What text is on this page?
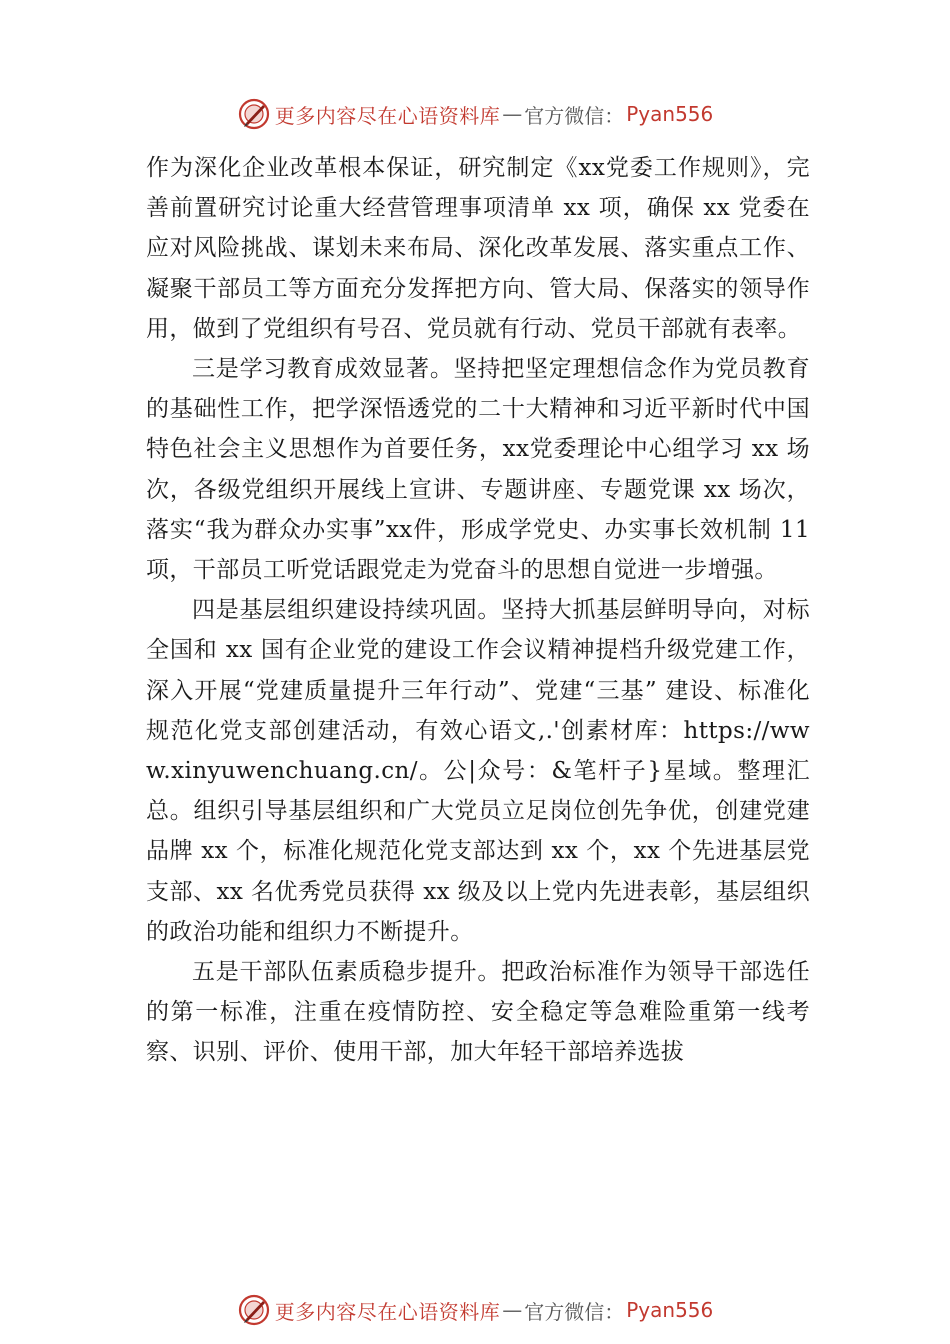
更多内容尽在心语资料库 — 官方微信： Pyan556

作为深化企业改革根本保证，研究制定《xx党委工作规则》，完善前置研究讨论重大经营管理事项清单 xx 项，确保 xx 党委在应对风险挑战、谋划未来布局、深化改革发展、落实重点工作、凝聚干部员工等方面充分发挥把方向、管大局、保落实的领导作用，做到了党组织有号召、党员就有行动、党员干部就有表率。

三是学习教育成效显著。坚持把坚定理想信念作为党员教育的基础性工作，把学深悟透党的二十大精神和习近平新时代中国特色社会主义思想作为首要任务，xx党委理论中心组学习 xx 场次，各级党组织开展线上宣讲、专题讲座、专题党课 xx 场次，落实“我为群众办实事”xx件，形成学党史、办实事长效机制 11 项，干部员工听党话跟党走为党奋斗的思想自觉进一步增强。

四是基层组织建设持续巩固。坚持大抓基层鲜明导向，对标全国和 xx 国有企业党的建设工作会议精神提档升级党建工作，深入开展“党建质量提升三年行动”、党建“三基” 建设、标准化规范化党支部创建活动，有效心语文,.'创素材库：https://www.xinyuwenchuang.cn/。公|众号：&笔杆子}星域。整理汇总。组织引导基层组织和广大党员立足岗位创先争优，创建党建品牌 xx 个，标准化规范化党支部达到 xx 个，xx 个先进基层党支部、xx 名优秀党员获得 xx 级及以上党内先进表彰，基层组织的政治功能和组织力不断提升。

五是干部队伍素质稳步提升。把政治标准作为领导干部选任的第一标准，注重在疫情防控、安全稳定等急难险重第一线考察、识别、评价、使用干部，加大年轻干部培养选拔

更多内容尽在心语资料库 — 官方微信： Pyan556
